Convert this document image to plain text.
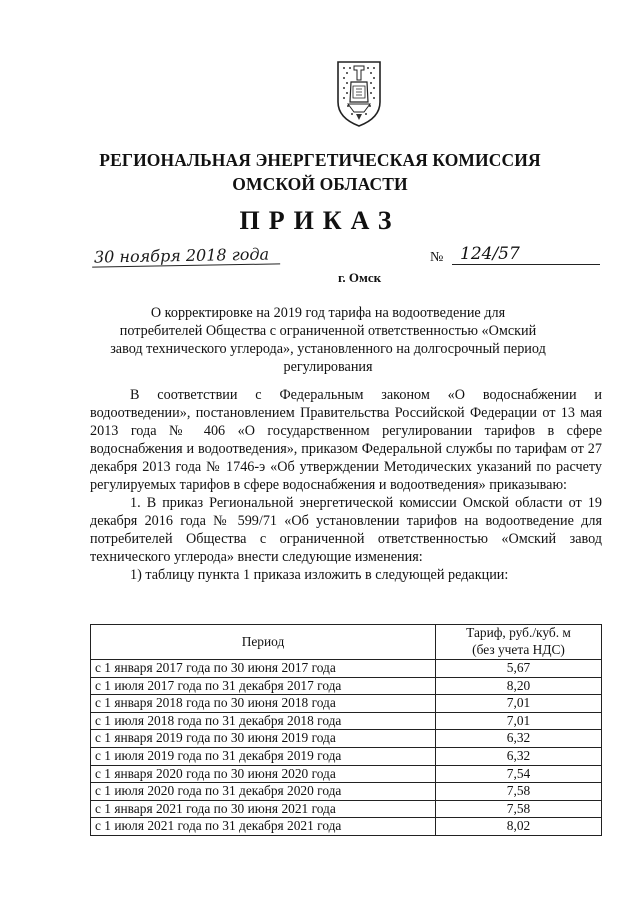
РЕГИОНАЛЬНАЯ ЭНЕРГЕТИЧЕСКАЯ КОМИССИЯ
ОМСКОЙ ОБЛАСТИ
ПРИКАЗ
30 ноября 2018 года	№ 124/57
г. Омск
О корректировке на 2019 год тарифа на водоотведение для потребителей Общества с ограниченной ответственностью «Омский завод технического углерода», установленного на долгосрочный период регулирования

В соответствии с Федеральным законом «О водоснабжении и водоотведении», постановлением Правительства Российской Федерации от 13 мая 2013 года № 406 «О государственном регулировании тарифов в сфере водоснабжения и водоотведения», приказом Федеральной службы по тарифам от 27 декабря 2013 года № 1746-э «Об утверждении Методических указаний по расчету регулируемых тарифов в сфере водоснабжения и водоотведения» приказываю:

1. В приказ Региональной энергетической комиссии Омской области от 19 декабря 2016 года № 599/71 «Об установлении тарифов на водоотведение для потребителей Общества с ограниченной ответственностью «Омский завод технического углерода» внести следующие изменения:

1) таблицу пункта 1 приказа изложить в следующей редакции:

Период	Тариф, руб./куб. м
(без учета НДС)

с 1 января 2017 года по 30 июня 2017 года	5,67
с 1 июля 2017 года по 31 декабря 2017 года	8,20
с 1 января 2018 года по 30 июня 2018 года	7,01
с 1 июля 2018 года по 31 декабря 2018 года	7,01
с 1 января 2019 года по 30 июня 2019 года	6,32
с 1 июля 2019 года по 31 декабря 2019 года	6,32
с 1 января 2020 года по 30 июня 2020 года	7,54
с 1 июля 2020 года по 31 декабря 2020 года	7,58
с 1 января 2021 года по 30 июня 2021 года	7,58
с 1 июля 2021 года по 31 декабря 2021 года	8,02
